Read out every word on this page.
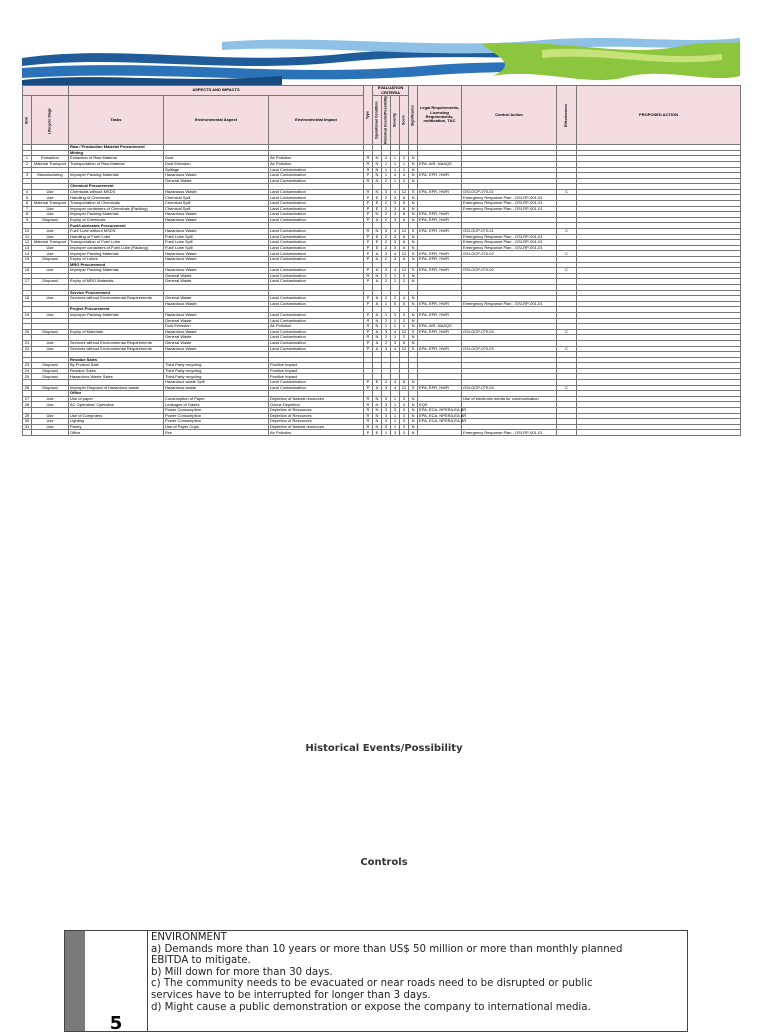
		ASPECTS AND IMPACTS			Type	EVALUATION CRITERIA				Significance	Legal Requirements, Licensing Requirements, notification, T&C	Control Action	Effectiveness	PROPOSED ACTION
Item	Lifecycle Stage	Tasks	Environmental Aspect	Environmental Impact		Operational Condition	Historical Events/Possibility	Severity	Score					
		Raw / Production Material Procurement												
		Mining												
1	Extraction	Extraction of Raw Material	Dust	Air Pollution	R	N	2	1	2	N				
2	Material Transport	Transportation of Raw Material	Dust Emission	Air Pollution	R	N	1	1	1	N	EPA, AIR, NAAQS			
			Spillage	Land Contamination	R	N	1	1	1	N				
3	Manufacturing	Improper Packing Materials	Hazardous Waste	Land Contamination	P	N	1	4	4	N	EPA, EPR, HWR			
			General Waste	Land Contamination	R	N	2	1	2	N				
		Chemical Procurement												
4	Use	Chemicals without MSDS	Hazardous Waste	Land Contamination	R	N	3	4	12	S	EPA, EPR, HWR	GSI-OCP-070-01	C	
5	Use	Handling of Chemicals	Chemical Spill	Land Contamination	P	E	2	3	6	N		Emergency Response Plan - GSI-RP-001-01		
6	Material Transport	Transportation of Chemicals	Chemical Spill	Land Contamination	P	E	2	3	6	N		Emergency Response Plan - GSI-RP-001-01		
7	Use	Improper containers of Chemicals (Packing)	Chemical Spill	Land Contamination	P	E	2	3	6	N		Emergency Response Plan - GSI-RP-001-01		
8	Use	Improper Packing Materials	Hazardous Waste	Land Contamination	P	N	2	4	8	N	EPA, EPR, HWR			
9	Disposal	Expiry of Chemicals	Hazardous Waste	Land Contamination	P	A	2	3	6	N	EPA, EPR, HWR			
		Fuel/Lubricants Procurement												
10	Use	Fuel/ Lube without MSDS	Hazardous Waste	Land Contamination	R	N	3	4	12	S	EPA, EPR, HWR	GSI-OCP-070-01	C	
11	Use	Handling of Fuel/ Lube	Fuel/ Lube Spill	Land Contamination	P	E	2	3	6	N		Emergency Response Plan - GSI-RP-001-01		
12	Material Transport	Transportation of Fuel/ Lube	Fuel/ Lube Spill	Land Contamination	P	E	2	3	6	N		Emergency Response Plan - GSI-RP-001-01		
13	Use	Improper containers of Fuel/ Lube (Packing)	Fuel/ Lube Spill	Land Contamination	P	E	2	3	6	N		Emergency Response Plan - GSI-RP-001-01		
14	Use	Improper Packing Materials	Hazardous Waste	Land Contamination	P	A	3	4	12	S	EPA, EPR, HWR	GSI-OCP-070-02	C	
15	Disposal	Expiry of Lubes	Hazardous Waste	Land Contamination	P	A	2	3	6	N	EPA, EPR, HWR			
		MRO Procurement												
16	Use	Improper Packing Materials	Hazardous Waste	Land Contamination	P	A	3	4	12	S	EPA, EPR, HWR	GSI-OCP-070-02	C	
			General Waste	Land Contamination	R	N	2	1	2	N				
17	Disposal	Expiry of MRO Materials	General Waste	Land Contamination	P	A	2	1	2	N				

		Service Procurement												
18	Use	Services without Environmental Requirements	General Waste	Land Contamination	P	A	2	2	4	N				
			Hazardous Waste	Land Contamination	P	A	1	5	5	N	EPA, EPR, HWR	Emergency Response Plan - GSI-RP-001-01		
		Project Procurement												
19	Use	Improper Packing Materials	Hazardous Waste	Land Contamination	P	A	1	3	3	N	EPA, EPR, HWR			
			General Waste	Land Contamination	R	N	2	1	2	N				
			Dust Emission	Air Pollution	R	N	1	1	1	N	EPA, AIR, NAAQS			
20	Disposal	Expiry of Materials	Hazardous Waste	Land Contamination	P	A	3	4	12	S	EPA, EPR, HWR	GSI-OCP-070-03	C	
			General Waste	Land Contamination	R	N	2	1	2	N				
21	Use	Services without Environmental Requirements	General Waste	Land Contamination	P	A	2	3	6	N				
22	Use	Services without Environmental Requirements	Hazardous Waste	Land Contamination	P	A	3	4	12	S	EPA, EPR, HWR	GSI-OCP-070-03	C	

		Residue Sales												
23	Disposal	By Product Sale	Third Party recycling	Positive Impact										
24	Disposal	Residue Sales	Third Party recycling	Positive Impact										
25	Disposal	Hazardous Waste Sales	Third Party recycling	Positive Impact										
			Hazardous waste Spill	Land Contamination	P	E	2	4	8	N				
26	Disposal	Improper Disposal of Hazardous waste	Hazardous waste	Land Contamination	P	A	3	4	12	S	EPA, EPR, HWR	GSI-OCP-070-03	C	
		Office												
27	Use	Use of paper	Consumption of Paper	Depletion of Natural resources	R	N	3	1	3	N		Use of electronic media for communication		
28	Use	AC Operation/ Operation	Leakages of Gases	Ozone Depletion	R	N	3	1	3	N	EQS			
			Power Consumption	Depletion of Resources	R	N	3	3	9	N	EPA, ECA, NPERA,EA,BR			
29	Use	Use of Computers	Power Consumption	Depletion of Resources	R	N	3	1	3	N	EPA, ECA, NPERA,EA,BR			
30	Use	Lighting	Power Consumption	Depletion of Resources	R	N	3	1	3	N	EPA, ECA, NPERA,EA,BR			
31	Use	Pantry	Use of Paper Cups	Depletion of Natural resources	R	N	3	1	3	N				
		Office	Fire	Air Pollution	P	E	1	3	3	N		Emergency Response Plan - GSI-RP-001-01		
Historical Events/Possibility
Controls
5
ENVIRONMENT
a) Demands more than 10 years or more than US$ 50 million or more than monthly planned
EBITDA to mitigate.
b) Mill down for more than 30 days.
c) The community needs to be evacuated or near roads need to be disrupted or public
services have to be interrupted for longer than 3 days.
d) Might cause a public demonstration or expose the company to international media.
